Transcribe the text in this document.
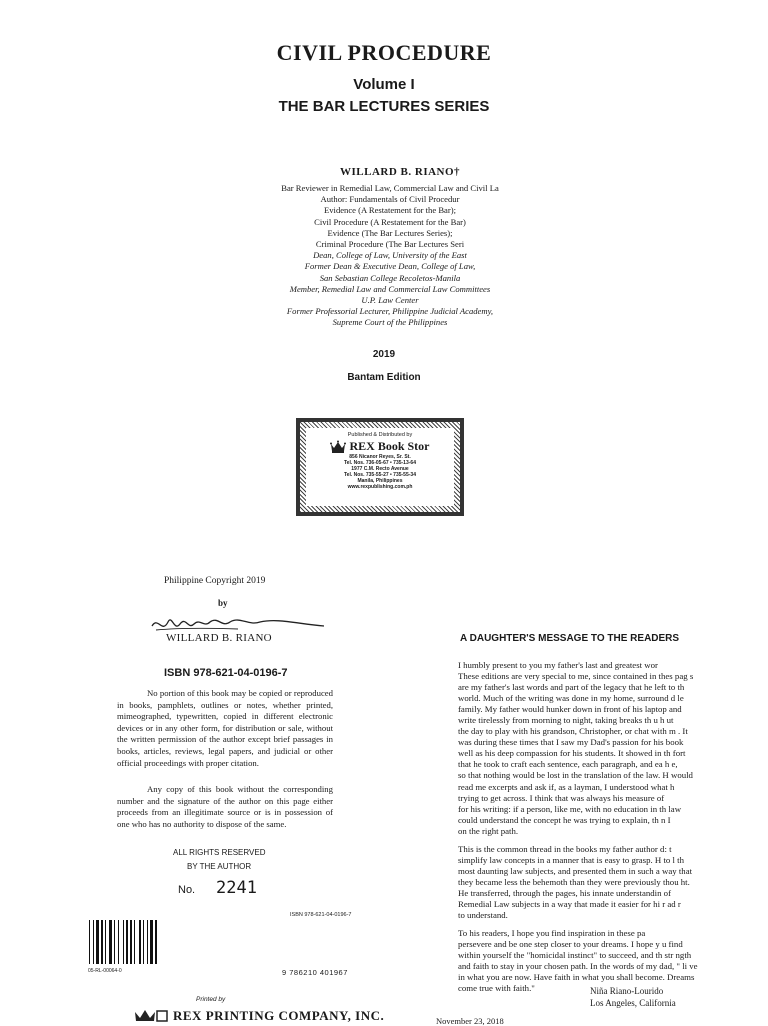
CIVIL PROCEDURE
Volume I
THE BAR LECTURES SERIES
WILLARD B. RIANO†
Bar Reviewer in Remedial Law, Commercial Law and Civil La
Author: Fundamentals of Civil Procedur
Evidence (A Restatement for the Bar);
Civil Procedure (A Restatement for the Bar)
Evidence (The Bar Lectures Series);
Criminal Procedure (The Bar Lectures Seri
Dean, College of Law, University of the East
Former Dean & Executive Dean, College of Law,
San Sebastian College Recoletos-Manila
Member, Remedial Law and Commercial Law Committees
U.P. Law Center
Former Professorial Lecturer, Philippine Judicial Academy,
Supreme Court of the Philippines
2019
Bantam Edition
Published & Distributed by
REX Book Stor
856 Nicanor Reyes, Sr. St.
Tel. Nos. 736-05-67 • 735-13-64
1977 C.M. Recto Avenue
Tel. Nos. 735-55-27 • 735-55-34
Manila, Philippines
www.rexpublishing.com.ph
Philippine Copyright 2019
by
WILLARD B. RIANO
ISBN 978-621-04-0196-7

No portion of this book may be copied or reproduced in books, pamphlets, outlines or notes, whether printed, mimeographed, typewritten, copied in different electronic devices or in any other form, for distribution or sale, without the written permission of the author except brief passages in books, articles, reviews, legal papers, and judicial or other official proceedings with proper citation.

Any copy of this book without the corresponding number and the signature of the author on this page either proceeds from an illegitimate source or is in possession of one who has no authority to dispose of the same.

ALL RIGHTS RESERVED
BY THE AUTHOR
No. 2241
ISBN 978-621-04-0196-7
05-RL-00064-0	9 786210 401967
Printed by
REX PRINTING COMPANY, INC.
A DAUGHTER'S MESSAGE TO THE READERS

I humbly present to you my father's last and greatest wor
These editions are very special to me, since contained in thes pag s
are my father's last words and part of the legacy that he left to th
world. Much of the writing was done in my home, surround d le
family. My father would hunker down in front of his laptop and
write tirelessly from morning to night, taking breaks th u h ut
the day to play with his grandson, Christopher, or chat with m . It
was during these times that I saw my Dad's passion for his book
well as his deep compassion for his students. It showed in th fort
that he took to craft each sentence, each paragraph, and ea h e,
so that nothing would be lost in the translation of the law. H would
read me excerpts and ask if, as a layman, I understood what h
trying to get across. I think that was always his measure of
for his writing: if a person, like me, with no education in th law
could understand the concept he was trying to explain, th n I
on the right path.

This is the common thread in the books my father author d: t
simplify law concepts in a manner that is easy to grasp. H to l th
most daunting law subjects, and presented them in such a way that
they became less the behemoth than they were previously thou ht.
He transferred, through the pages, his innate understandin of
Remedial Law subjects in a way that made it easier for hi r ad r
to understand.

To his readers, I hope you find inspiration in these pa
persevere and be one step closer to your dreams. I hope y u find
within yourself the "homicidal instinct" to succeed, and th str ngth
and faith to stay in your chosen path. In the words of my dad, " li ve
in what you are now. Have faith in what you shall become. Dreams
come true with faith."	Niña Riano-Lourido
Los Angeles, California
November 23, 2018
